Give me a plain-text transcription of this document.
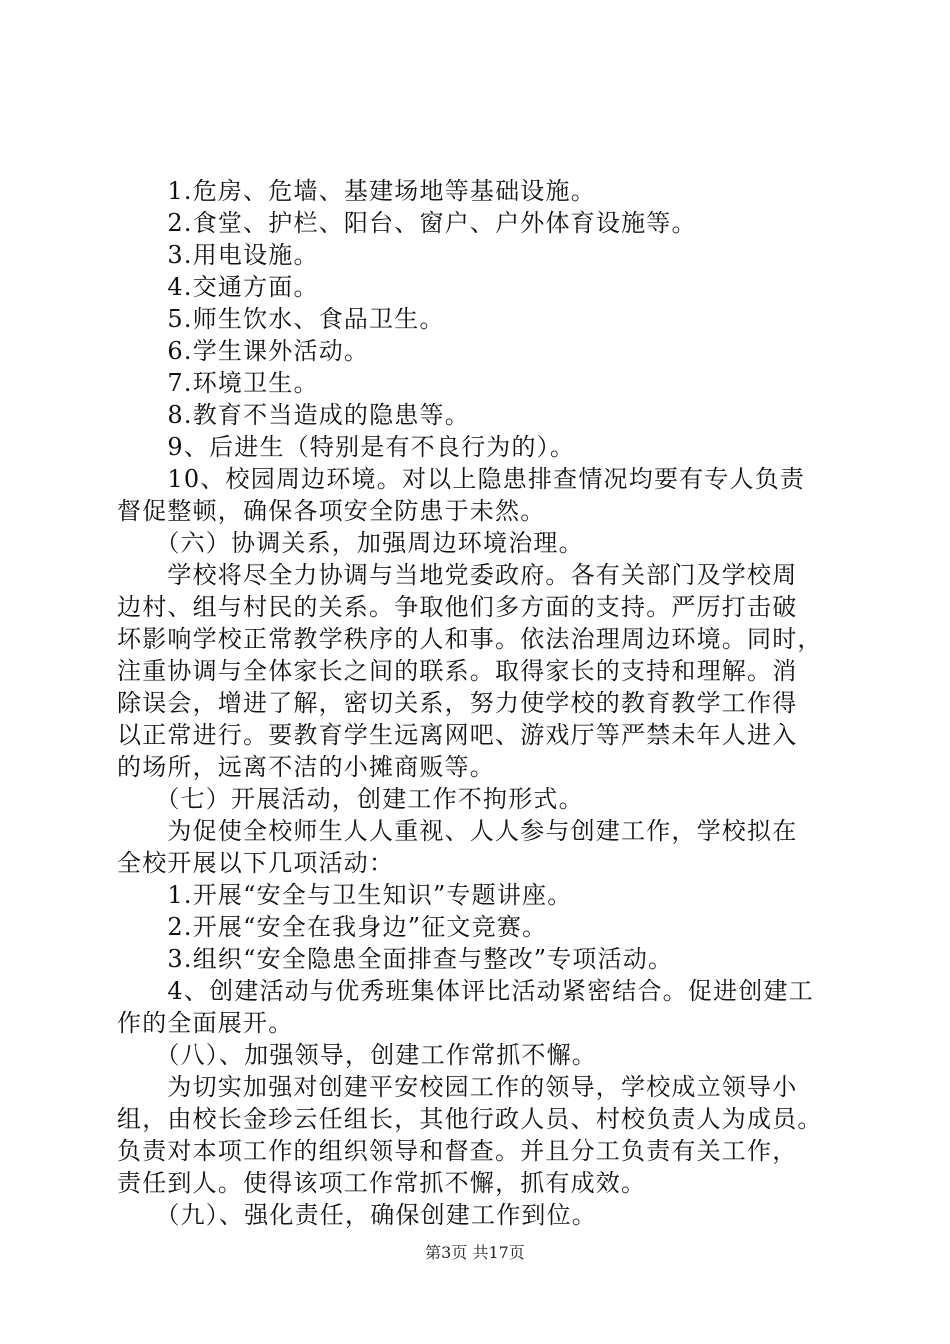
　　1.危房、危墙、基建场地等基础设施。
　　2.食堂、护栏、阳台、窗户、户外体育设施等。
　　3.用电设施。
　　4.交通方面。
　　5.师生饮水、食品卫生。
　　6.学生课外活动。
　　7.环境卫生。
　　8.教育不当造成的隐患等。
　　9、后进生（特别是有不良行为的）。
　　10、校园周边环境。对以上隐患排查情况均要有专人负责
督促整顿，确保各项安全防患于未然。
　　（六）协调关系，加强周边环境治理。
　　学校将尽全力协调与当地党委政府。各有关部门及学校周
边村、组与村民的关系。争取他们多方面的支持。严厉打击破
坏影响学校正常教学秩序的人和事。依法治理周边环境。同时，
注重协调与全体家长之间的联系。取得家长的支持和理解。消
除误会，增进了解，密切关系，努力使学校的教育教学工作得
以正常进行。要教育学生远离网吧、游戏厅等严禁未年人进入
的场所，远离不洁的小摊商贩等。
　　（七）开展活动，创建工作不拘形式。
　　为促使全校师生人人重视、人人参与创建工作，学校拟在
全校开展以下几项活动：
　　1.开展“安全与卫生知识”专题讲座。
　　2.开展“安全在我身边”征文竞赛。
　　3.组织“安全隐患全面排查与整改”专项活动。
　　4、创建活动与优秀班集体评比活动紧密结合。促进创建工
作的全面展开。
　　（八）、加强领导，创建工作常抓不懈。
　　为切实加强对创建平安校园工作的领导，学校成立领导小
组，由校长金珍云任组长，其他行政人员、村校负责人为成员。
负责对本项工作的组织领导和督查。并且分工负责有关工作，
责任到人。使得该项工作常抓不懈，抓有成效。
　　（九）、强化责任，确保创建工作到位。
第3页 共17页
